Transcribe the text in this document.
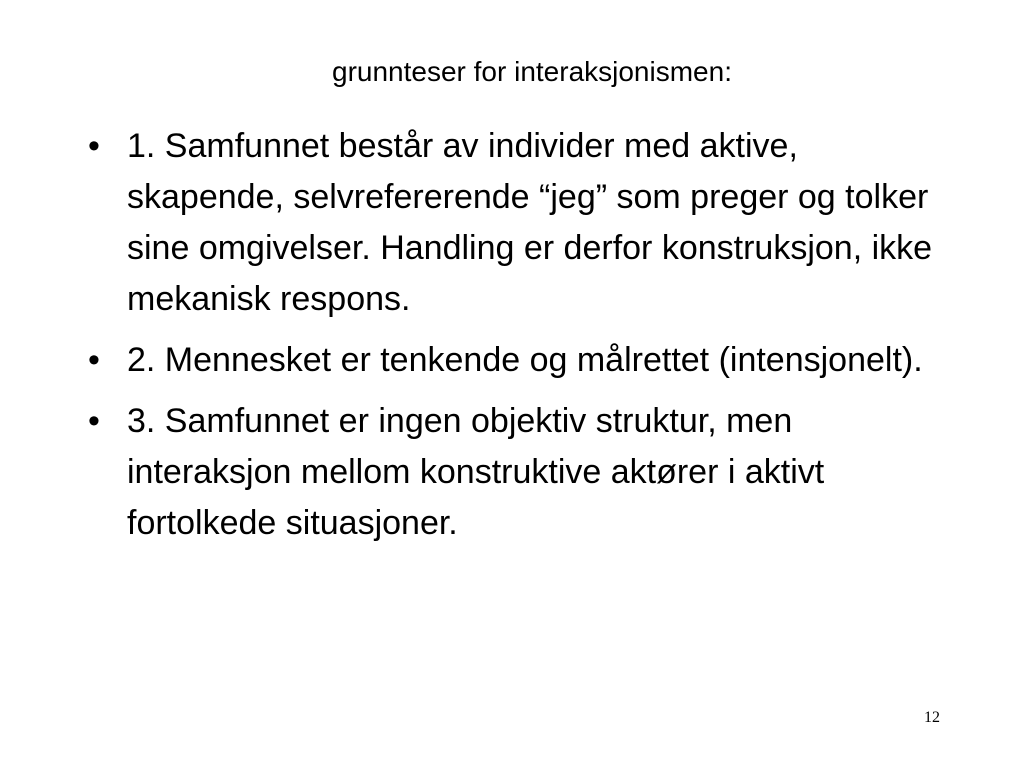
grunnteser for interaksjonismen:
• 1. Samfunnet består av individer med aktive, skapende, selvrefererende “jeg” som preger og tolker sine omgivelser. Handling er derfor konstruksjon, ikke mekanisk respons.
• 2. Mennesket er tenkende og målrettet (intensjonelt).
• 3. Samfunnet er ingen objektiv struktur, men interaksjon mellom konstruktive aktører i aktivt fortolkede situasjoner.
12
